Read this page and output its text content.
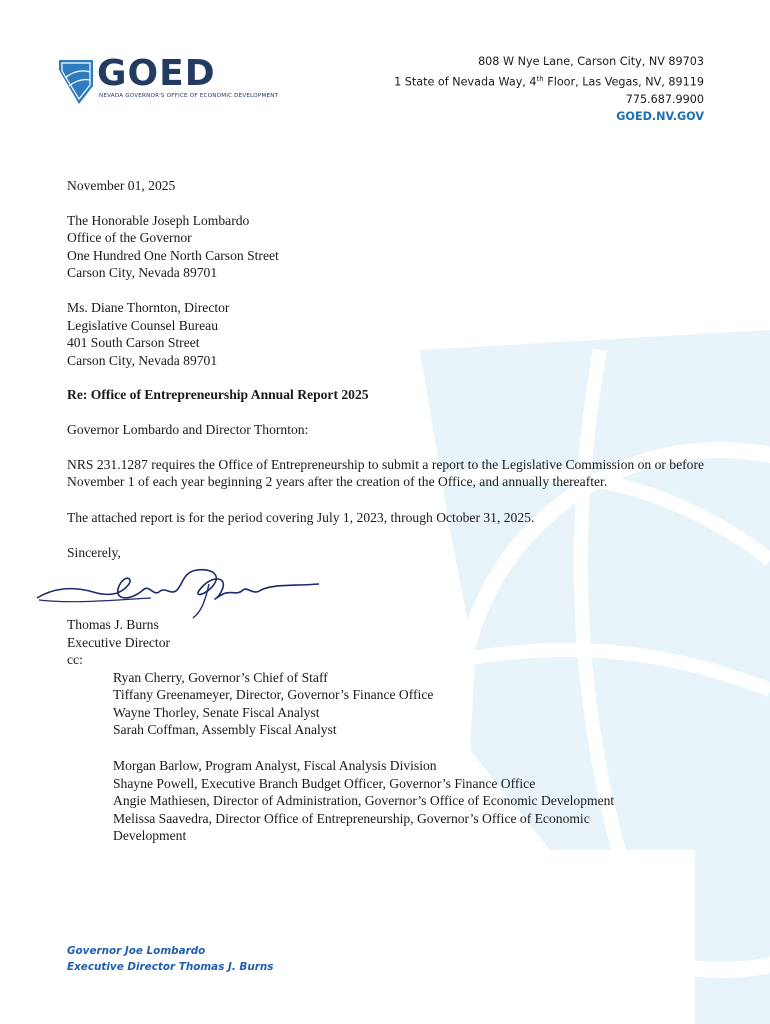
GOED
NEVADA GOVERNOR'S OFFICE OF ECONOMIC DEVELOPMENT
808 W Nye Lane, Carson City, NV 89703
1 State of Nevada Way, 4th Floor, Las Vegas, NV, 89119
775.687.9900
GOED.NV.GOV

November 01, 2025

The Honorable Joseph Lombardo
Office of the Governor
One Hundred One North Carson Street
Carson City, Nevada 89701

Ms. Diane Thornton, Director
Legislative Counsel Bureau
401 South Carson Street
Carson City, Nevada 89701

Re: Office of Entrepreneurship Annual Report 2025

Governor Lombardo and Director Thornton:

NRS 231.1287 requires the Office of Entrepreneurship to submit a report to the Legislative Commission on or before November 1 of each year beginning 2 years after the creation of the Office, and annually thereafter.

The attached report is for the period covering July 1, 2023, through October 31, 2025.

Sincerely,

Thomas J. Burns
Executive Director
cc:

Ryan Cherry, Governor’s Chief of Staff
Tiffany Greenameyer, Director, Governor’s Finance Office
Wayne Thorley, Senate Fiscal Analyst
Sarah Coffman, Assembly Fiscal Analyst

Morgan Barlow, Program Analyst, Fiscal Analysis Division
Shayne Powell, Executive Branch Budget Officer, Governor’s Finance Office
Angie Mathiesen, Director of Administration, Governor’s Office of Economic Development
Melissa Saavedra, Director Office of Entrepreneurship, Governor’s Office of Economic
Development

Governor Joe Lombardo
Executive Director Thomas J. Burns
